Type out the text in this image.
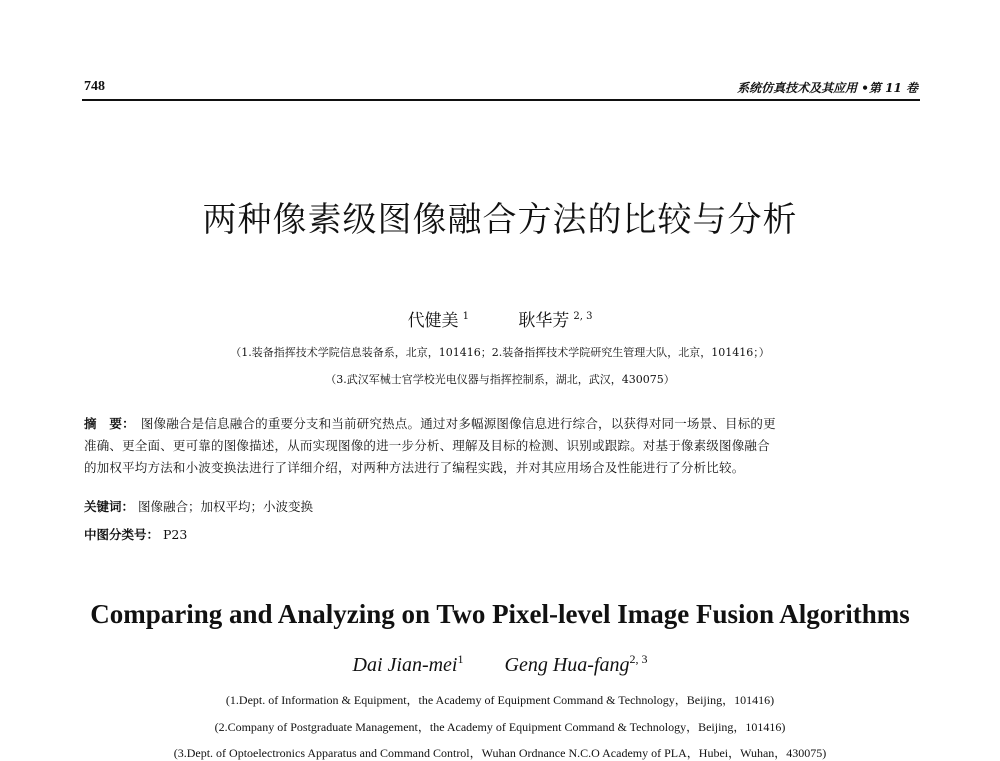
748	系统仿真技术及其应用 •第 11 卷
两种像素级图像融合方法的比较与分析
代健美 $^1$	耿华芳 $^{2, 3}$
（1.装备指挥技术学院信息装备系，北京，101416；2.装备指挥技术学院研究生管理大队，北京，101416；）
（3.武汉军械士官学校光电仪器与指挥控制系，湖北，武汉，430075）
摘　要： 图像融合是信息融合的重要分支和当前研究热点。通过对多幅源图像信息进行综合，以获得对同一场景、目标的更
准确、更全面、更可靠的图像描述，从而实现图像的进一步分析、理解及目标的检测、识别或跟踪。对基于像素级图像融合
的加权平均方法和小波变换法进行了详细介绍，对两种方法进行了编程实践，并对其应用场合及性能进行了分析比较。
关键词： 图像融合；加权平均；小波变换
中图分类号： P23
Comparing and Analyzing on Two Pixel-level Image Fusion Algorithms
Dai Jian-mei$^1$ Geng Hua-fang$^{2, 3}$
(1.Dept. of Information & Equipment，the Academy of Equipment Command & Technology，Beijing，101416)
(2.Company of Postgraduate Management，the Academy of Equipment Command & Technology，Beijing，101416)
(3.Dept. of Optoelectronics Apparatus and Command Control，Wuhan Ordnance N.C.O Academy of PLA，Hubei，Wuhan，430075)
